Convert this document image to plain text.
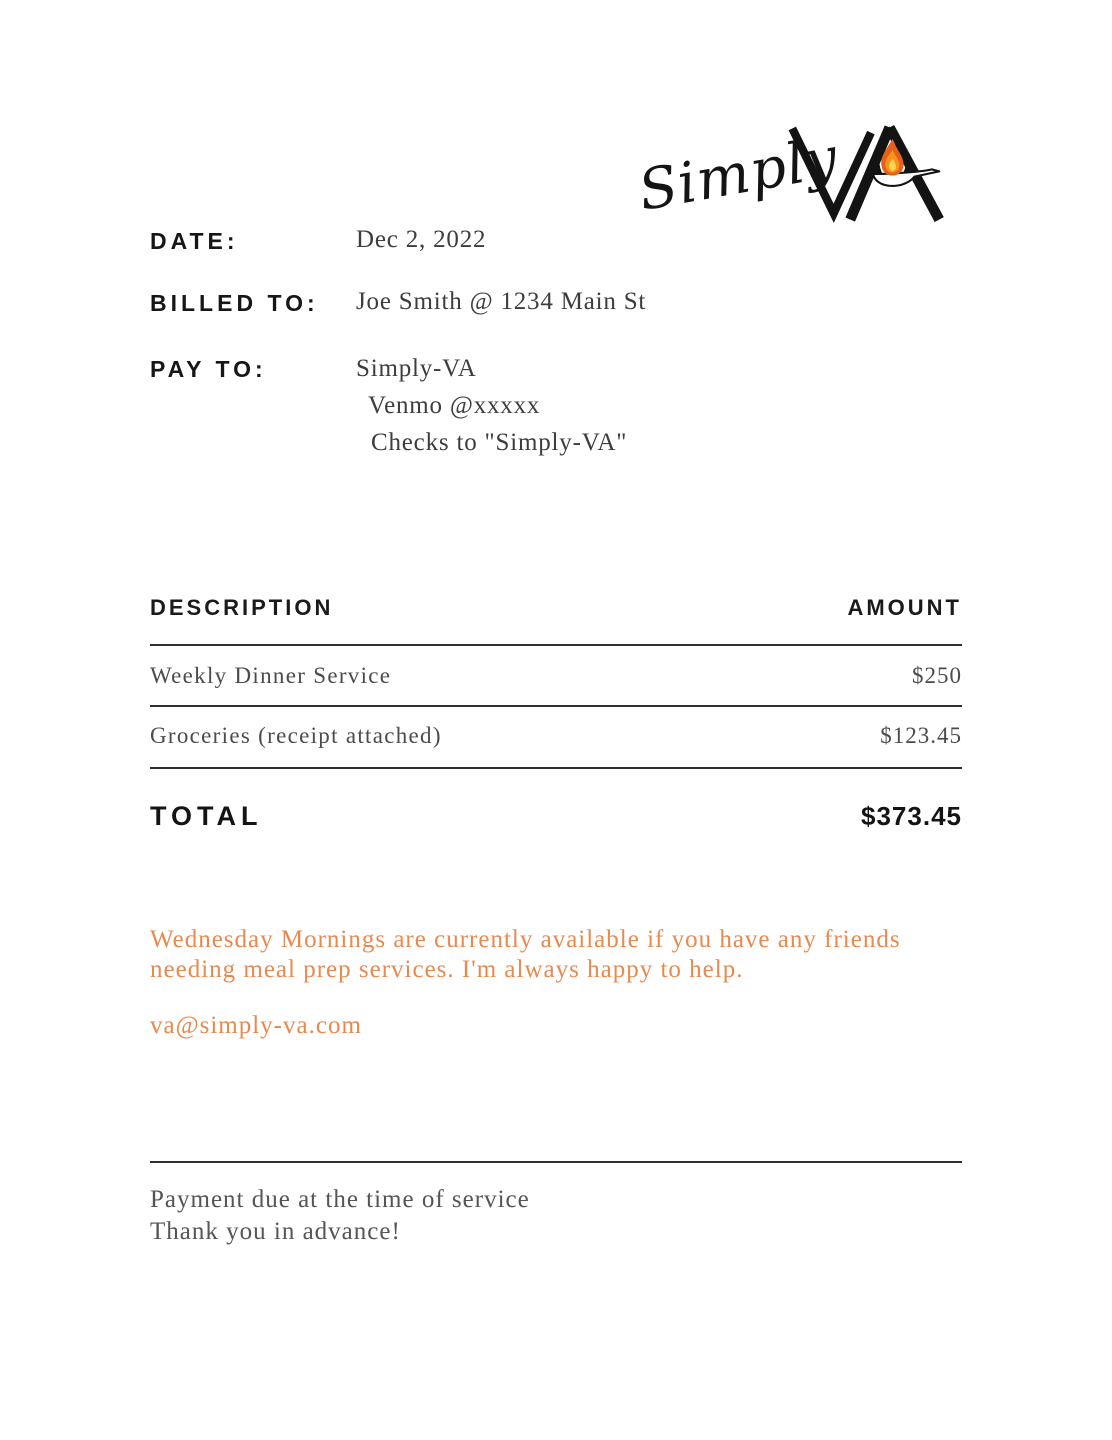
Simply
DATE:	Dec 2, 2022
BILLED TO: Joe Smith @ 1234 Main St
PAY TO:	Simply-VA
Venmo @xxxxx
Checks to "Simply-VA"
DESCRIPTION	AMOUNT
Weekly Dinner Service	$250
Groceries (receipt attached)	$123.45
TOTAL	$373.45
Wednesday Mornings are currently available if you have any friends
needing meal prep services. I'm always happy to help.
va@simply-va.com
Payment due at the time of service
Thank you in advance!
